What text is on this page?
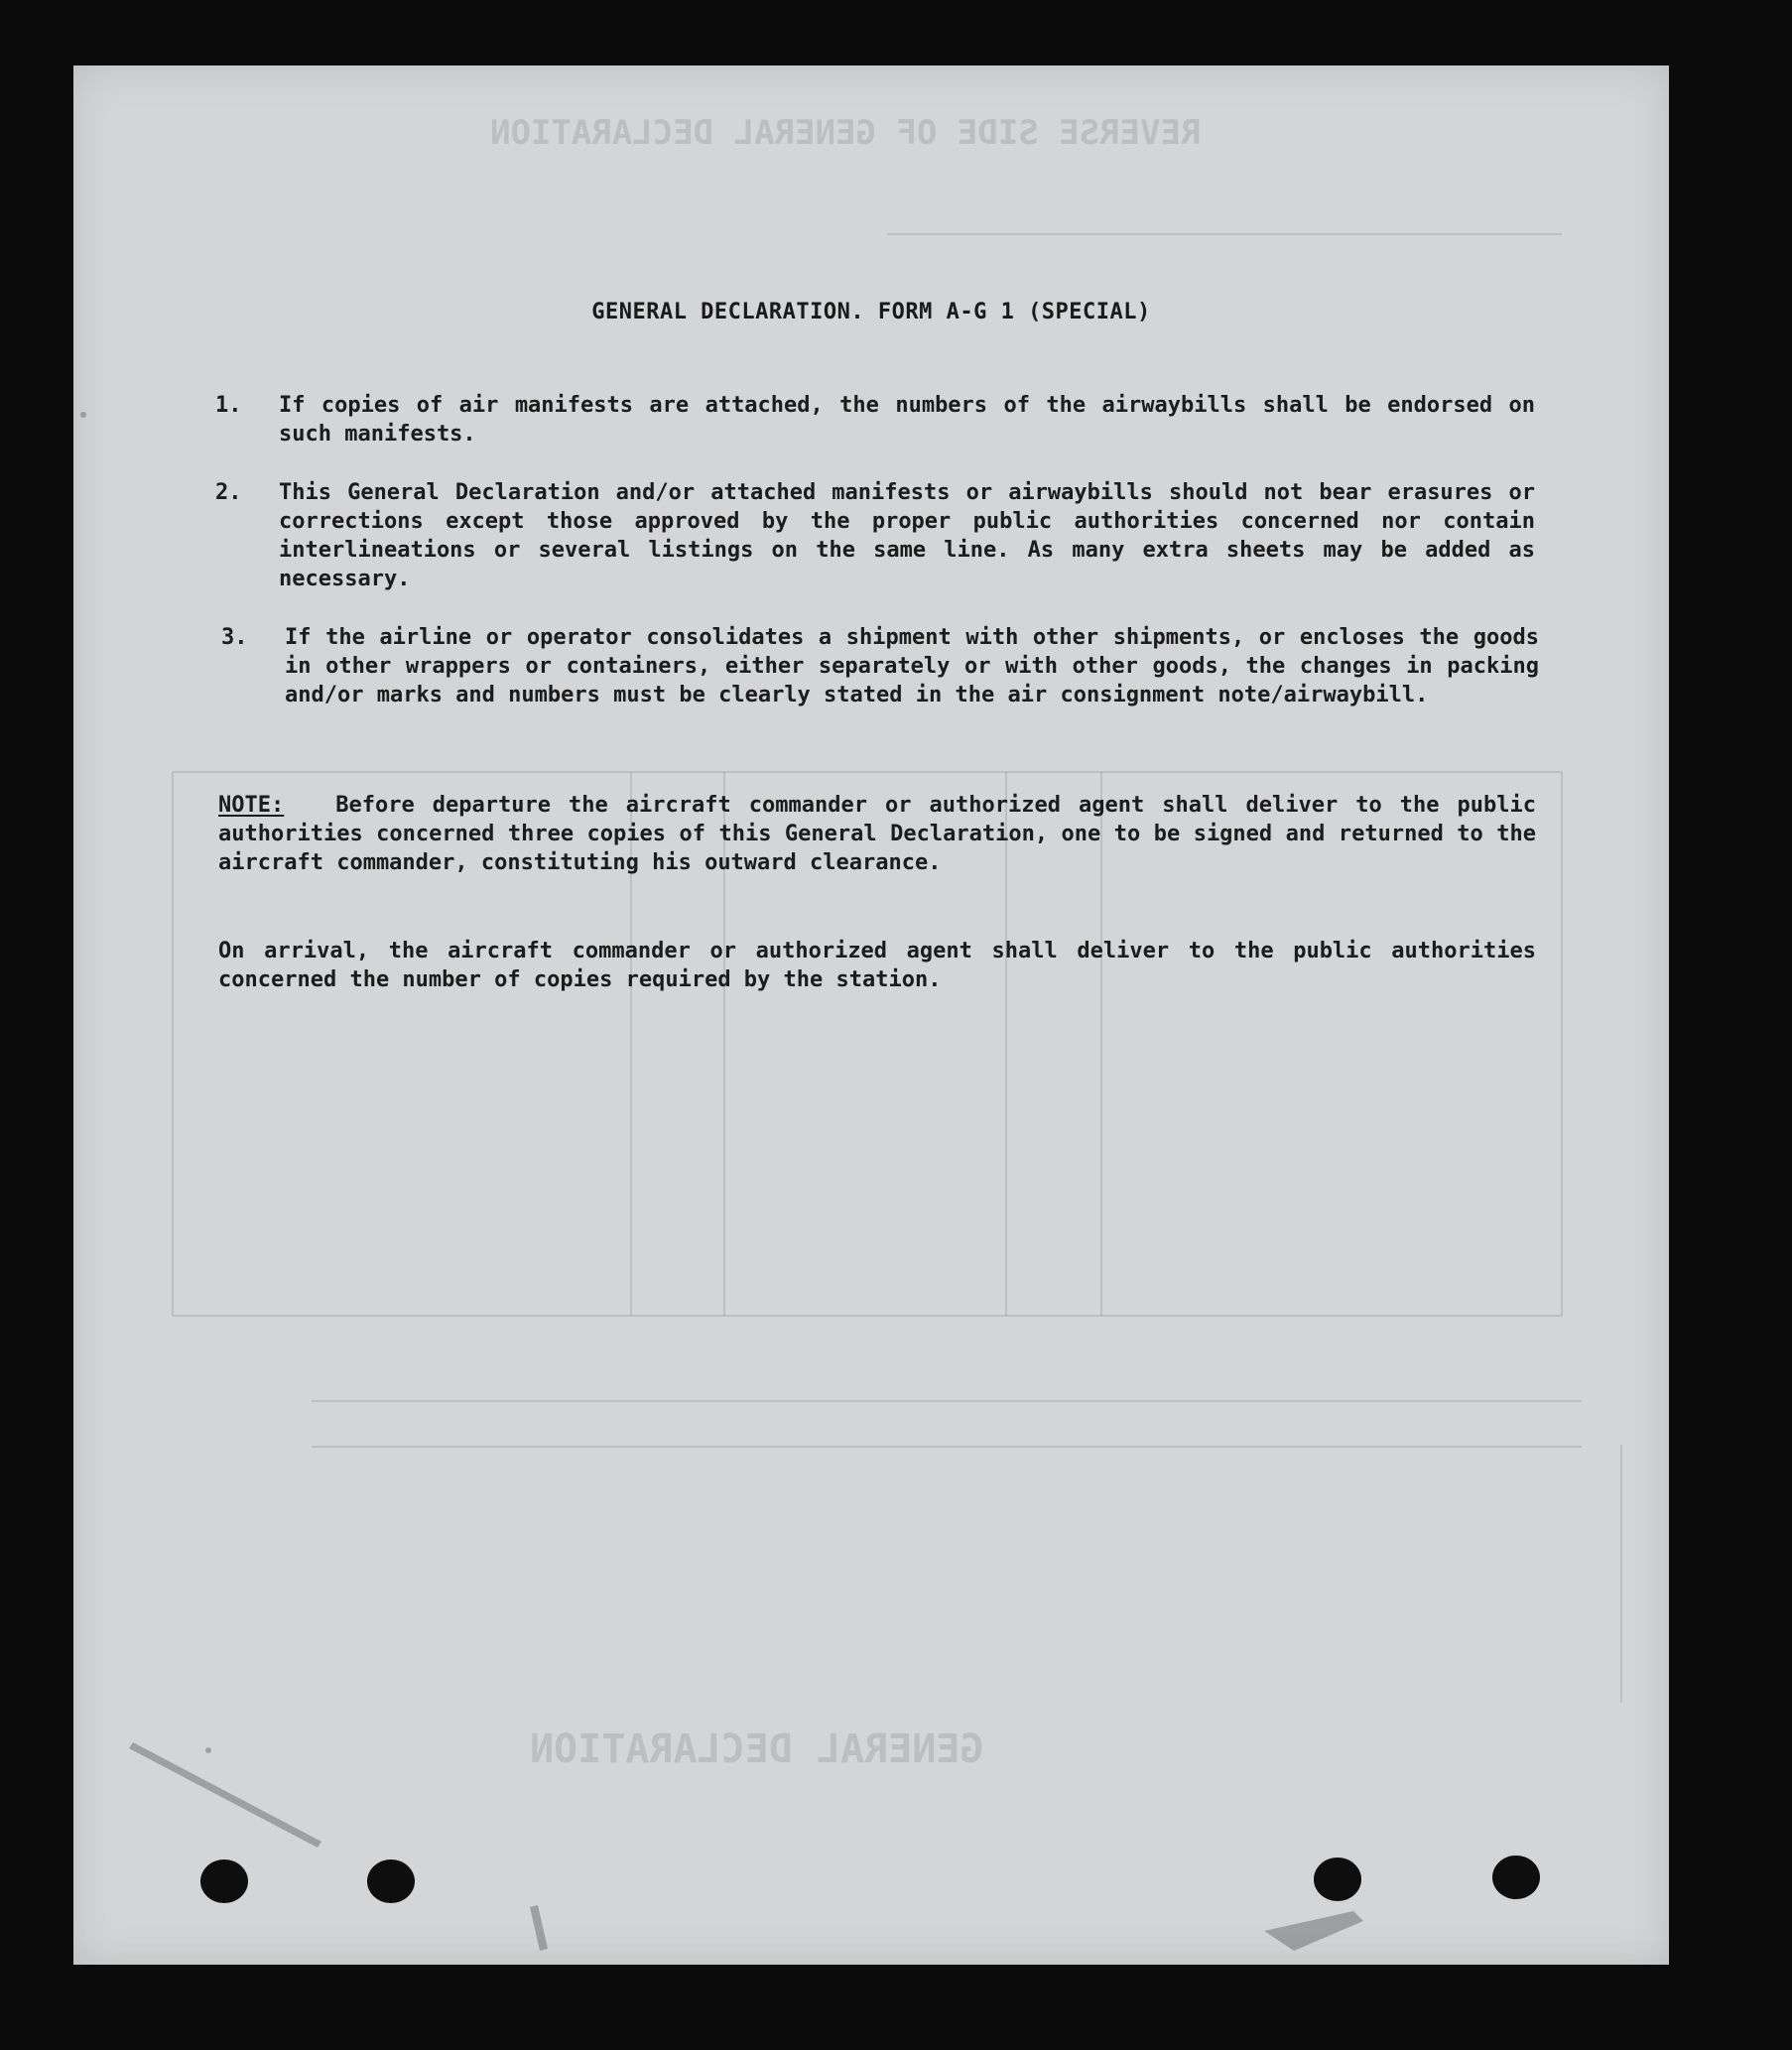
REVERSE SIDE OF GENERAL DECLARATION
GENERAL DECLARATION
GENERAL DECLARATION. FORM A-G 1 (SPECIAL)
1. If copies of air manifests are attached, the numbers of the airwaybills shall be endorsed on such manifests.
2. This General Declaration and/or attached manifests or airwaybills should not bear erasures or corrections except those approved by the proper public authorities concerned nor contain interlineations or several listings on the same line. As many extra sheets may be added as necessary.
3. If the airline or operator consolidates a shipment with other shipments, or encloses the goods in other wrappers or containers, either separately or with other goods, the changes in packing and/or marks and numbers must be clearly stated in the air consignment note/airwaybill.
NOTE: Before departure the aircraft commander or authorized agent shall deliver to the public authorities concerned three copies of this General Declaration, one to be signed and returned to the aircraft commander, constituting his outward clearance.
On arrival, the aircraft commander or authorized agent shall deliver to the public authorities concerned the number of copies required by the station.
